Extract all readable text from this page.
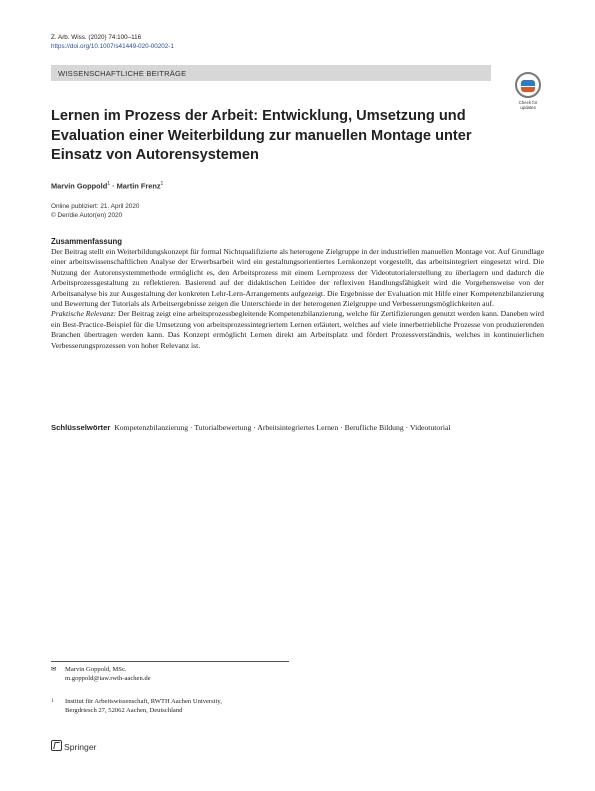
Z. Arb. Wiss. (2020) 74:100–116
https://doi.org/10.1007/s41449-020-00202-1
WISSENSCHAFTLICHE BEITRÄGE
Check for
updates
Lernen im Prozess der Arbeit: Entwicklung, Umsetzung und Evaluation einer Weiterbildung zur manuellen Montage unter Einsatz von Autorensystemen
Marvin Goppold$^1$ · Martin Frenz$^1$
Online publiziert: 21. April 2020
© Der/die Autor(en) 2020
Zusammenfassung

Der Beitrag stellt ein Weiterbildungskonzept für formal Nichtqualifizierte als heterogene Zielgruppe in der industriellen manuellen Montage vor. Auf Grundlage einer arbeitswissenschaftlichen Analyse der Erwerbsarbeit wird ein gestaltungsorientiertes Lernkonzept vorgestellt, das arbeitsintegriert eingesetzt wird. Die Nutzung der Autorensystemmethode ermöglicht es, den Arbeitsprozess mit einem Lernprozess der Videotutorialerstellung zu überlagern und dadurch die Arbeitsprozessgestaltung zu reflektieren. Basierend auf der didaktischen Leitidee der reflexiven Handlungsfähigkeit wird die Vorgehensweise von der Arbeitsanalyse bis zur Ausgestaltung der konkreten Lehr-Lern-Arrangements aufgezeigt. Die Ergebnisse der Evaluation mit Hilfe einer Kompetenzbilanzierung und Bewertung der Tutorials als Arbeitsergebnisse zeigen die Unterschiede in der heterogenen Zielgruppe und Verbesserungsmöglichkeiten auf.

Praktische Relevanz: Der Beitrag zeigt eine arbeitsprozessbegleitende Kompetenzbilanzierung, welche für Zertifizierungen genutzt werden kann. Daneben wird ein Best-Practice-Beispiel für die Umsetzung von arbeitsprozessintegriertem Lernen erläutert, welches auf viele innerbetriebliche Prozesse von produzierenden Branchen übertragen werden kann. Das Konzept ermöglicht Lernen direkt am Arbeitsplatz und fördert Prozessverständnis, welches in kontinuierlichen Verbesserungsprozessen von hoher Relevanz ist.

Schlüsselwörter Kompetenzbilanzierung · Tutorialbewertung · Arbeitsintegriertes Lernen · Berufliche Bildung · Videotutorial
✉ Marvin Goppold, MSc.
m.goppold@iaw.rwth-aachen.de
1 Institut für Arbeitswissenschaft, RWTH Aachen University,
Bergdriesch 27, 52062 Aachen, Deutschland
Springer
